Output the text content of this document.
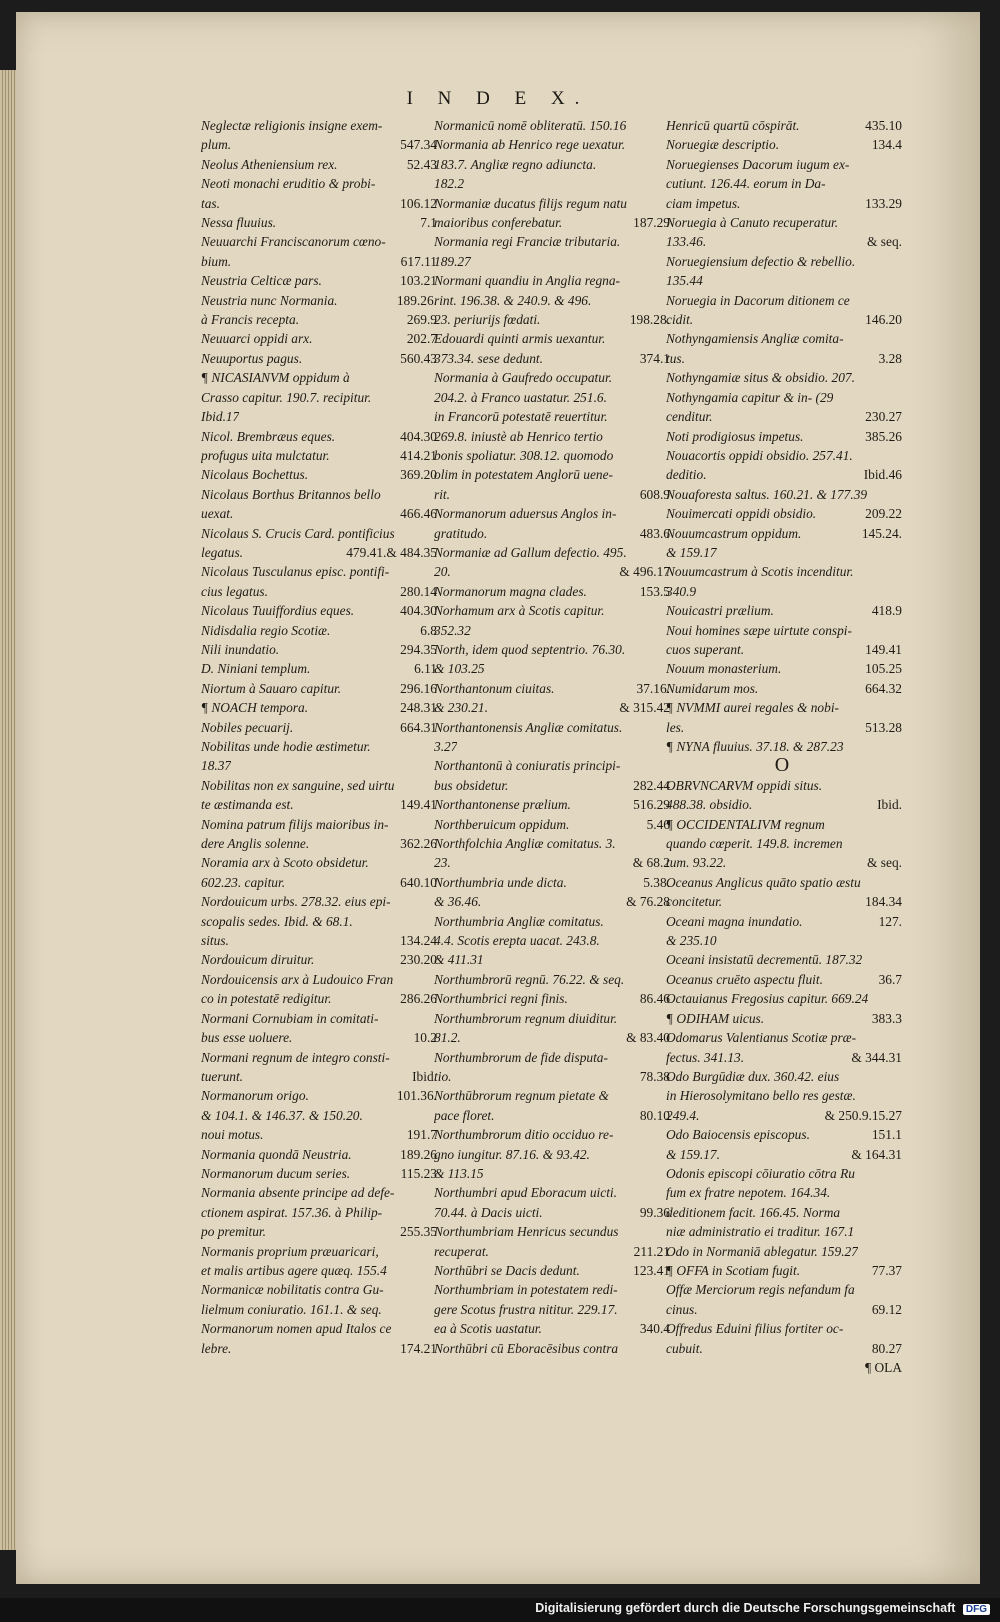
I N D E X.
Neglectæ religionis insigne exem-
plum.	547.34
Neolus Atheniensium rex.	52.43
Neoti monachi eruditio & probi-
tas.	106.12
Nessa fluuius.	7.1
Neuuarchi Franciscanorum cœno-
bium.	617.11
Neustria Celticæ pars.	103.21
Neustria nunc Normania.	189.26.
à Francis recepta.	269.9
Neuuarci oppidi arx.	202.7
Neuuportus pagus.	560.43
¶ NICASIANVM oppidum à
Crasso capitur. 190.7. recipitur.
Ibid.17
Nicol. Brembræus eques.	404.30
profugus uita mulctatur.	414.21
Nicolaus Bochettus.	369.20
Nicolaus Borthus Britannos bello
uexat.	466.46
Nicolaus S. Crucis Card. pontificius
legatus.	479.41.& 484.35
Nicolaus Tusculanus episc. pontifi-
cius legatus.	280.14
Nicolaus Tuuiffordius eques.	404.30
Nidisdalia regio Scotiæ.	6.8
Nili inundatio.	294.35
D. Niniani templum.	6.11
Niortum à Sauaro capitur.	296.16
¶ NOACH tempora.	248.31
Nobiles pecuarij.	664.31
Nobilitas unde hodie æstimetur.
18.37
Nobilitas non ex sanguine, sed uirtu
te æstimanda est.	149.41
Nomina patrum filijs maioribus in-
dere Anglis solenne.	362.26
Noramia arx à Scoto obsidetur.
602.23. capitur.	640.10
Nordouicum urbs. 278.32. eius epi-
scopalis sedes. Ibid. & 68.1.
situs.	134.24
Nordouicum diruitur.	230.20
Nordouicensis arx à Ludouico Fran
co in potestatē redigitur.	286.26
Normani Cornubiam in comitati-
bus esse uoluere.	10.2
Normani regnum de integro consti-
tuerunt.	Ibid.
Normanorum origo.	101.36.
& 104.1. & 146.37. & 150.20.
noui motus.	191.7
Normania quondā Neustria.	189.26
Normanorum ducum series.	115.23
Normania absente principe ad defe-
ctionem aspirat. 157.36. à Philip-
po premitur.	255.35
Normanis proprium præuaricari,
et malis artibus agere quæq. 155.4
Normanicæ nobilitatis contra Gu-
lielmum coniuratio. 161.1. & seq.
Normanorum nomen apud Italos ce
lebre.	174.21
Normanicū nomē obliteratū. 150.16
Normania ab Henrico rege uexatur.
183.7. Angliæ regno adiuncta.
182.2
Normaniæ ducatus filijs regum natu
maioribus conferebatur.	187.29
Normania regi Franciæ tributaria.
189.27
Normani quandiu in Anglia regna-
rint. 196.38. & 240.9. & 496.
23. periurijs fœdati.	198.28.
Edouardi quinti armis uexantur.
373.34. sese dedunt.	374.1
Normania à Gaufredo occupatur.
204.2. à Franco uastatur. 251.6.
in Francorū potestatē reuertitur.
269.8. iniustè ab Henrico tertio
bonis spoliatur. 308.12. quomodo
olim in potestatem Anglorū uene-
rit.	608.9
Normanorum aduersus Anglos in-
gratitudo.	483.6
Normaniæ ad Gallum defectio. 495.
20.	& 496.17
Normanorum magna clades.	153.5
Norhamum arx à Scotis capitur.
352.32
North, idem quod septentrio. 76.30.
& 103.25
Northantonum ciuitas.	37.16.
& 230.21.	& 315.42
Northantonensis Angliæ comitatus.
3.27
Northantonū à coniuratis principi-
bus obsidetur.	282.44
Northantonense prælium.	516.29
Northberuicum oppidum.	5.46
Northfolchia Angliæ comitatus. 3.
23.	& 68.2
Northumbria unde dicta.	5.38.
& 36.46.	& 76.28
Northumbria Angliæ comitatus.
4.4. Scotis erepta uacat. 243.8.
& 411.31
Northumbrorū regnū. 76.22. & seq.
Northumbrici regni finis.	86.46
Northumbrorum regnum diuiditur.
81.2.	& 83.40
Northumbrorum de fide disputa-
tio.	78.38
Northūbrorum regnum pietate &
pace floret.	80.10
Northumbrorum ditio occiduo re-
gno iungitur. 87.16. & 93.42.
& 113.15
Northumbri apud Eboracum uicti.
70.44. à Dacis uicti.	99.36
Northumbriam Henricus secundus
recuperat.	211.21
Northūbri se Dacis dedunt.	123.41
Northumbriam in potestatem redi-
gere Scotus frustra nititur. 229.17.
ea à Scotis uastatur.	340.4
Northūbri cū Eboracēsibus contra
Henricū quartū cōspirāt.	435.10
Noruegiæ descriptio.	134.4
Noruegienses Dacorum iugum ex-
cutiunt. 126.44. eorum in Da-
ciam impetus.	133.29
Noruegia à Canuto recuperatur.
133.46.	& seq.
Noruegiensium defectio & rebellio.
135.44
Noruegia in Dacorum ditionem ce
cidit.	146.20
Nothyngamiensis Angliæ comita-
tus.	3.28
Nothyngamiæ situs & obsidio. 207.
Nothyngamia capitur & in- (29
cenditur.	230.27
Noti prodigiosus impetus.	385.26
Nouacortis oppidi obsidio. 257.41.
deditio.	Ibid.46
Nouaforesta saltus. 160.21. & 177.39
Nouimercati oppidi obsidio.	209.22
Nouumcastrum oppidum.	145.24.
& 159.17
Nouumcastrum à Scotis incenditur.
340.9
Nouicastri prælium.	418.9
Noui homines sæpe uirtute conspi-
cuos superant.	149.41
Nouum monasterium.	105.25
Numidarum mos.	664.32
¶ NVMMI aurei regales & nobi-
les.	513.28
¶ NYNA fluuius. 37.18. & 287.23
O
OBRVNCARVM oppidi situs.
488.38. obsidio.	Ibid.
¶ OCCIDENTALIVM regnum
quando cœperit. 149.8. incremen
tum. 93.22.	& seq.
Oceanus Anglicus quāto spatio æstu
concitetur.	184.34
Oceani magna inundatio.	127.
& 235.10
Oceani insistatū decrementū. 187.32
Oceanus cruēto aspectu fluit.	36.7
Octauianus Fregosius capitur. 669.24
¶ ODIHAM uicus.	383.3
Odomarus Valentianus Scotiæ præ-
fectus. 341.13.	& 344.31
Odo Burgūdiæ dux. 360.42. eius
in Hierosolymitano bello res gestæ.
249.4.	& 250.9.15.27
Odo Baiocensis episcopus.	151.1
& 159.17.	& 164.31
Odonis episcopi cōiuratio cōtra Ru
fum ex fratre nepotem. 164.34.
deditionem facit. 166.45. Norma
niæ administratio ei traditur. 167.1
Odo in Normaniā ablegatur. 159.27
¶ OFFA in Scotiam fugit.	77.37
Offæ Merciorum regis nefandum fa
cinus.	69.12
Offredus Eduini filius fortiter oc-
cubuit.	80.27
¶ OLA
Digitalisierung gefördert durch die Deutsche Forschungsgemeinschaft DFG
